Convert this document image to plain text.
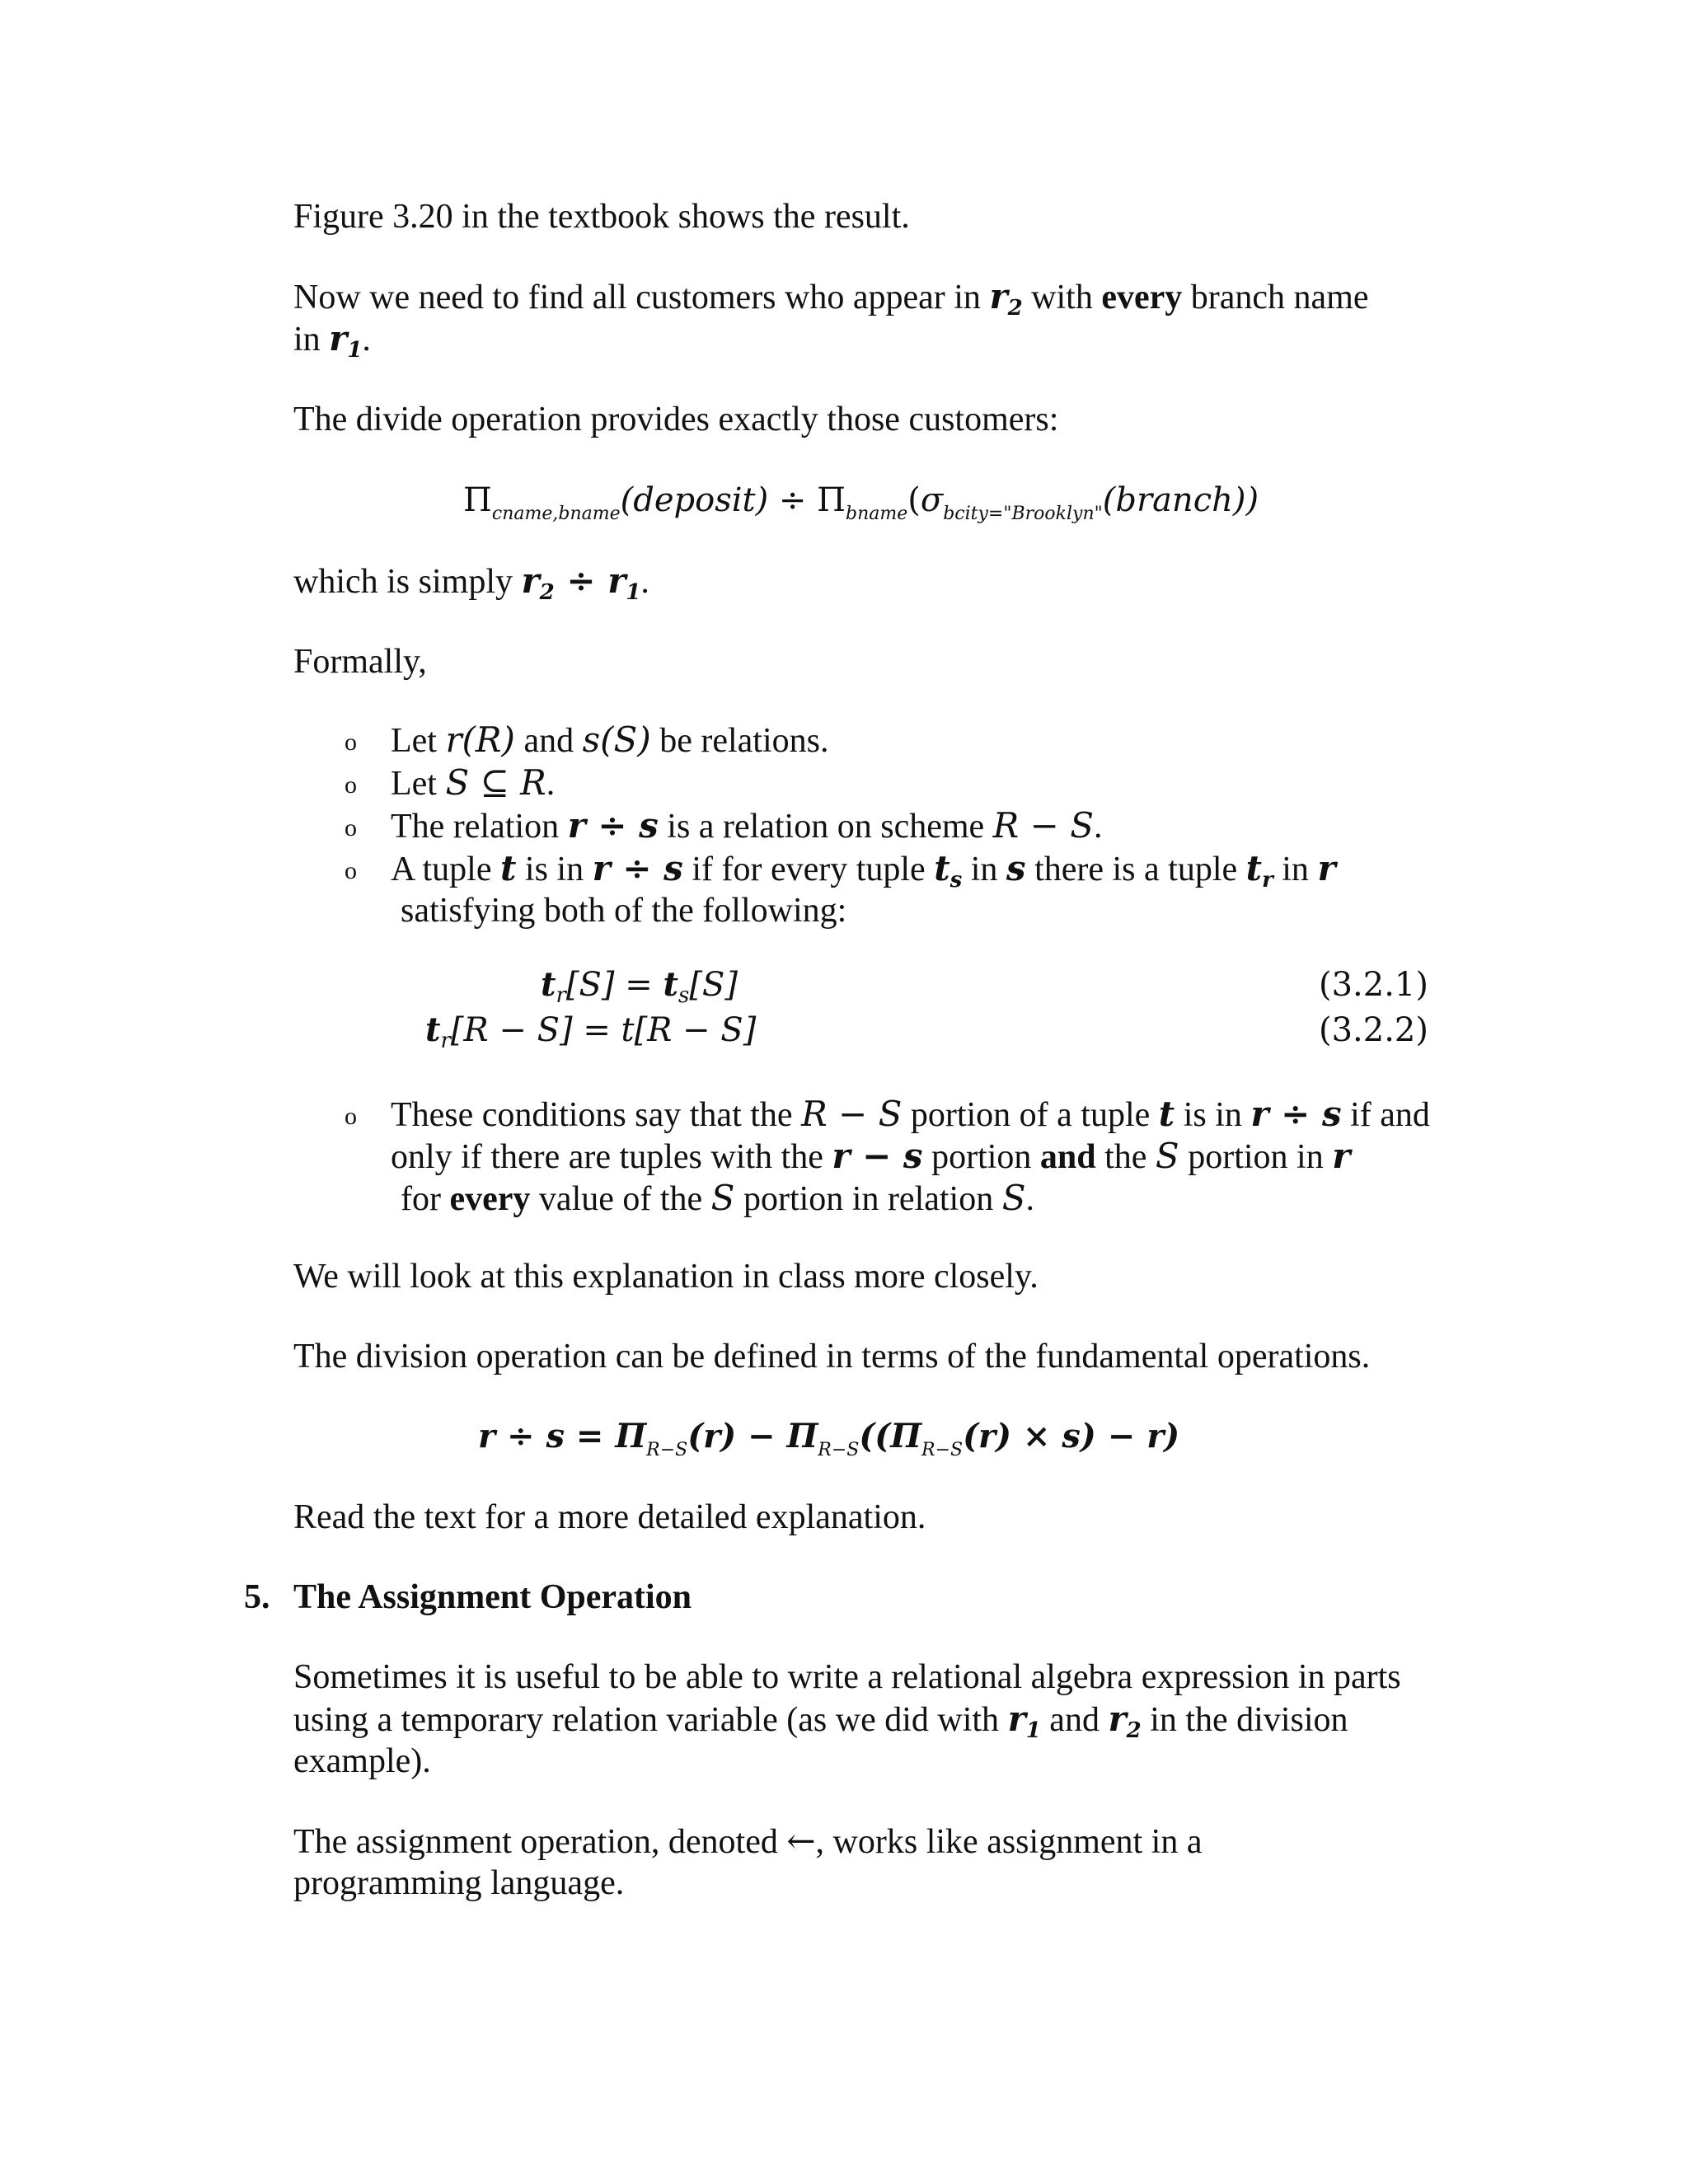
Figure 3.20 in the textbook shows the result.
Now we need to find all customers who appear in $r_2$ with every branch name
in $r_1$.
The divide operation provides exactly those customers:
$\Pi_{cname,bname}(deposit)$ ÷ $\Pi_{bname}(\sigma_{bcity="Brooklyn"}(branch))$
which is simply $r_2 \div r_1$.
Formally,
o Let r(R) and s(S) be relations.
o Let S ⊆ R.
o The relation r ÷ s is a relation on scheme R − S.
o A tuple t is in r ÷ s if for every tuple $t_s$ in s there is a tuple $t_r$ in r
satisfying both of the following:
$t_r[S] = t_s[S]$	(3.2.1)
$t_r[R - S] = t[R - S]$	(3.2.2)
o These conditions say that the R − S portion of a tuple t is in r ÷ s if and
only if there are tuples with the r − s portion and the S portion in r
for every value of the S portion in relation S.
We will look at this explanation in class more closely.
The division operation can be defined in terms of the fundamental operations.
$r \div s = \Pi_{R-S}(r) - \Pi_{R-S}((\Pi_{R-S}(r) \times s) - r)$
Read the text for a more detailed explanation.
5. The Assignment Operation
Sometimes it is useful to be able to write a relational algebra expression in parts
using a temporary relation variable (as we did with $r_1$ and $r_2$ in the division
example).
The assignment operation, denoted ←, works like assignment in a
programming language.
